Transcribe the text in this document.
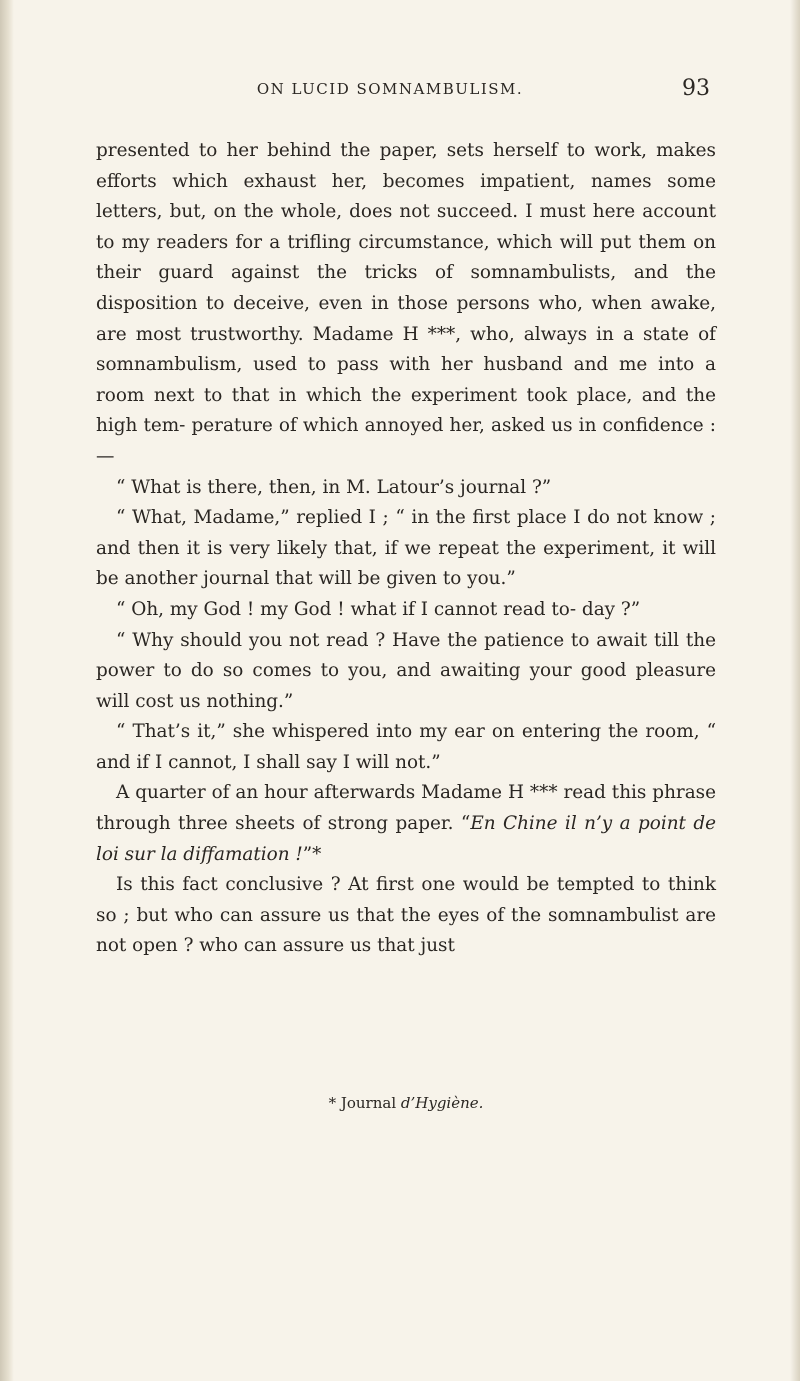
ON LUCID SOMNAMBULISM.	93

presented to her behind the paper, sets herself to work, makes efforts which exhaust her, becomes impatient, names some letters, but, on the whole, does not succeed. I must here account to my readers for a trifling circumstance, which will put them on their guard against the tricks of somnambulists, and the disposition to deceive, even in those persons who, when awake, are most trustworthy. Madame H ***, who, always in a state of somnambulism, used to pass with her husband and me into a room next to that in which the experiment took place, and the high tem- perature of which annoyed her, asked us in confidence :—

“ What is there, then, in M. Latour’s journal ?”

“ What, Madame,” replied I ; “ in the first place I do not know ; and then it is very likely that, if we repeat the experiment, it will be another journal that will be given to you.”

“ Oh, my God ! my God ! what if I cannot read to- day ?”

“ Why should you not read ? Have the patience to await till the power to do so comes to you, and awaiting your good pleasure will cost us nothing.”

“ That’s it,” she whispered into my ear on entering the room, “ and if I cannot, I shall say I will not.”

A quarter of an hour afterwards Madame H *** read this phrase through three sheets of strong paper. “En Chine il n’y a point de loi sur la diffamation !”*

Is this fact conclusive ? At first one would be tempted to think so ; but who can assure us that the eyes of the somnambulist are not open ? who can assure us that just

* Journal d’Hygiène.
